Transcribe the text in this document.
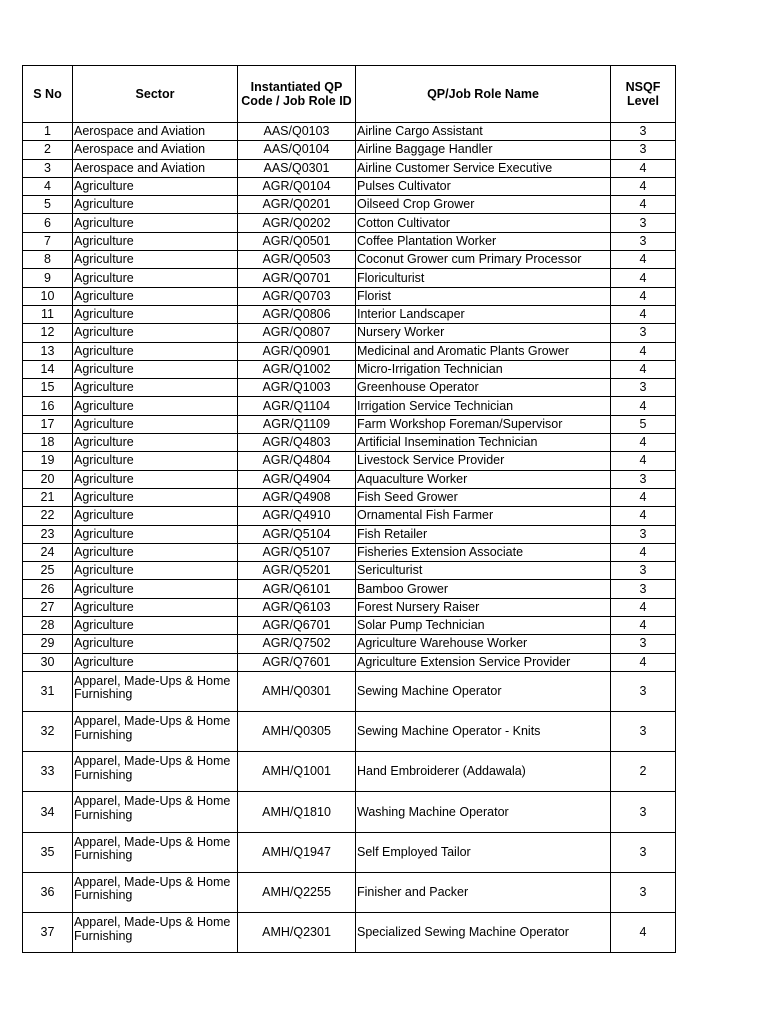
S No	Sector	Instantiated QP Code / Job Role ID	QP/Job Role Name	NSQF Level
1	Aerospace and Aviation	AAS/Q0103	Airline Cargo Assistant	3
2	Aerospace and Aviation	AAS/Q0104	Airline Baggage Handler	3
3	Aerospace and Aviation	AAS/Q0301	Airline Customer Service Executive	4
4	Agriculture	AGR/Q0104	Pulses Cultivator	4
5	Agriculture	AGR/Q0201	Oilseed Crop Grower	4
6	Agriculture	AGR/Q0202	Cotton Cultivator	3
7	Agriculture	AGR/Q0501	Coffee Plantation Worker	3
8	Agriculture	AGR/Q0503	Coconut Grower cum Primary Processor	4
9	Agriculture	AGR/Q0701	Floriculturist	4
10	Agriculture	AGR/Q0703	Florist	4
11	Agriculture	AGR/Q0806	Interior Landscaper	4
12	Agriculture	AGR/Q0807	Nursery Worker	3
13	Agriculture	AGR/Q0901	Medicinal and Aromatic Plants Grower	4
14	Agriculture	AGR/Q1002	Micro-Irrigation Technician	4
15	Agriculture	AGR/Q1003	Greenhouse Operator	3
16	Agriculture	AGR/Q1104	Irrigation Service Technician	4
17	Agriculture	AGR/Q1109	Farm Workshop Foreman/Supervisor	5
18	Agriculture	AGR/Q4803	Artificial Insemination Technician	4
19	Agriculture	AGR/Q4804	Livestock Service Provider	4
20	Agriculture	AGR/Q4904	Aquaculture Worker	3
21	Agriculture	AGR/Q4908	Fish Seed Grower	4
22	Agriculture	AGR/Q4910	Ornamental Fish Farmer	4
23	Agriculture	AGR/Q5104	Fish Retailer	3
24	Agriculture	AGR/Q5107	Fisheries Extension Associate	4
25	Agriculture	AGR/Q5201	Sericulturist	3
26	Agriculture	AGR/Q6101	Bamboo Grower	3
27	Agriculture	AGR/Q6103	Forest Nursery Raiser	4
28	Agriculture	AGR/Q6701	Solar Pump Technician	4
29	Agriculture	AGR/Q7502	Agriculture Warehouse Worker	3
30	Agriculture	AGR/Q7601	Agriculture Extension Service Provider	4
31	Apparel, Made-Ups & Home Furnishing	AMH/Q0301	Sewing Machine Operator	3
32	Apparel, Made-Ups & Home Furnishing	AMH/Q0305	Sewing Machine Operator - Knits	3
33	Apparel, Made-Ups & Home Furnishing	AMH/Q1001	Hand Embroiderer (Addawala)	2
34	Apparel, Made-Ups & Home Furnishing	AMH/Q1810	Washing Machine Operator	3
35	Apparel, Made-Ups & Home Furnishing	AMH/Q1947	Self Employed Tailor	3
36	Apparel, Made-Ups & Home Furnishing	AMH/Q2255	Finisher and Packer	3
37	Apparel, Made-Ups & Home Furnishing	AMH/Q2301	Specialized Sewing Machine Operator	4
